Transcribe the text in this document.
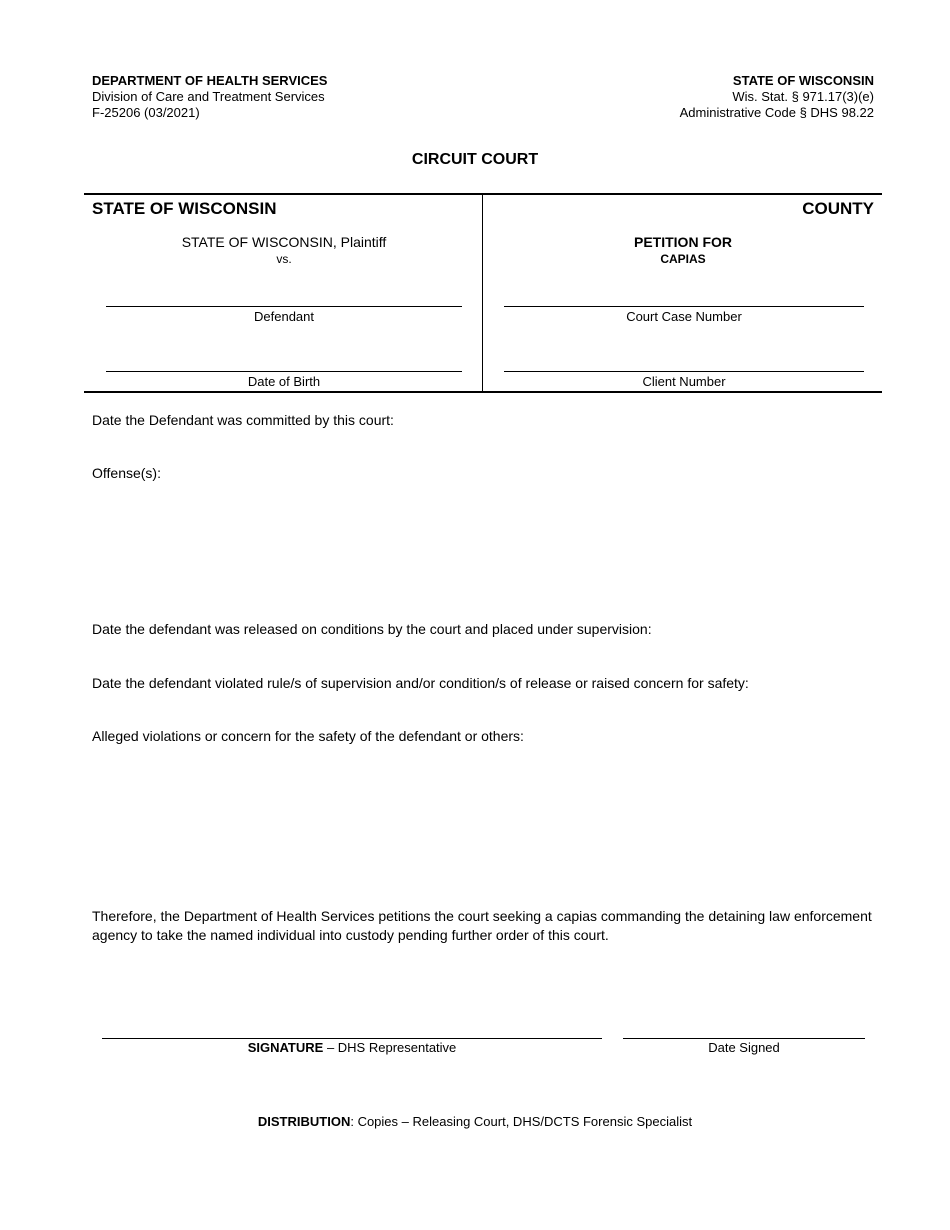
DEPARTMENT OF HEALTH SERVICES
Division of Care and Treatment Services
F-25206 (03/2021)
STATE OF WISCONSIN
Wis. Stat. § 971.17(3)(e)
Administrative Code § DHS 98.22
CIRCUIT COURT
STATE OF WISCONSIN	COUNTY
STATE OF WISCONSIN, Plaintiff
vs.
PETITION FOR
CAPIAS
Defendant	Court Case Number
Date of Birth	Client Number
Date the Defendant was committed by this court:
Offense(s):
Date the defendant was released on conditions by the court and placed under supervision:
Date the defendant violated rule/s of supervision and/or condition/s of release or raised concern for safety:
Alleged violations or concern for the safety of the defendant or others:
Therefore, the Department of Health Services petitions the court seeking a capias commanding the detaining law enforcement agency to take the named individual into custody pending further order of this court.
SIGNATURE – DHS Representative	Date Signed
DISTRIBUTION: Copies – Releasing Court, DHS/DCTS Forensic Specialist
